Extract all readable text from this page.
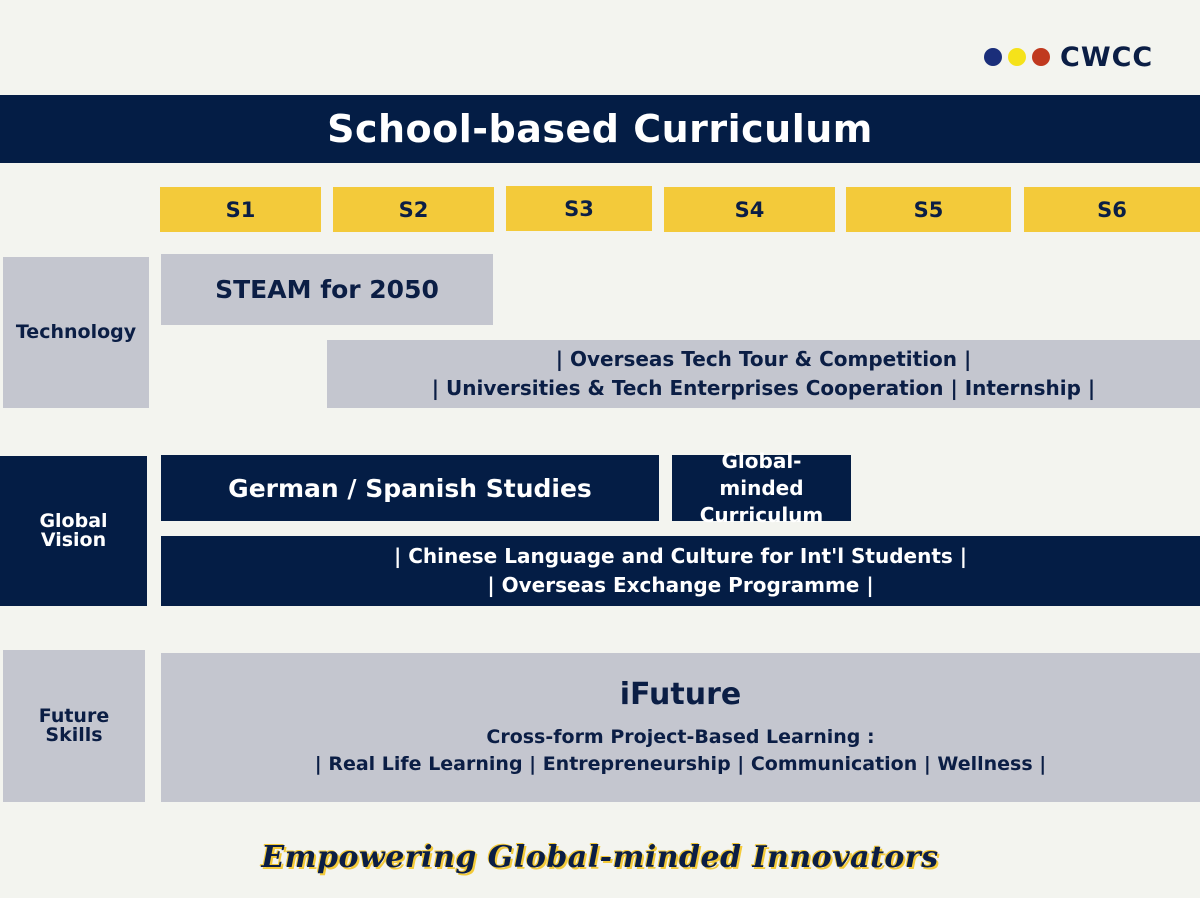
CWCC
School-based Curriculum
S1	S2	S3	S4	S5	S6
Technology
STEAM for 2050
| Overseas Tech Tour & Competition |
| Universities & Tech Enterprises Cooperation | Internship |
Global Vision
German / Spanish Studies
Global-minded Curriculum
| Chinese Language and Culture for Int'l Students |
| Overseas Exchange Programme |
Future Skills
iFuture
Cross-form Project-Based Learning :
| Real Life Learning | Entrepreneurship | Communication | Wellness |
Empowering Global-minded Innovators
